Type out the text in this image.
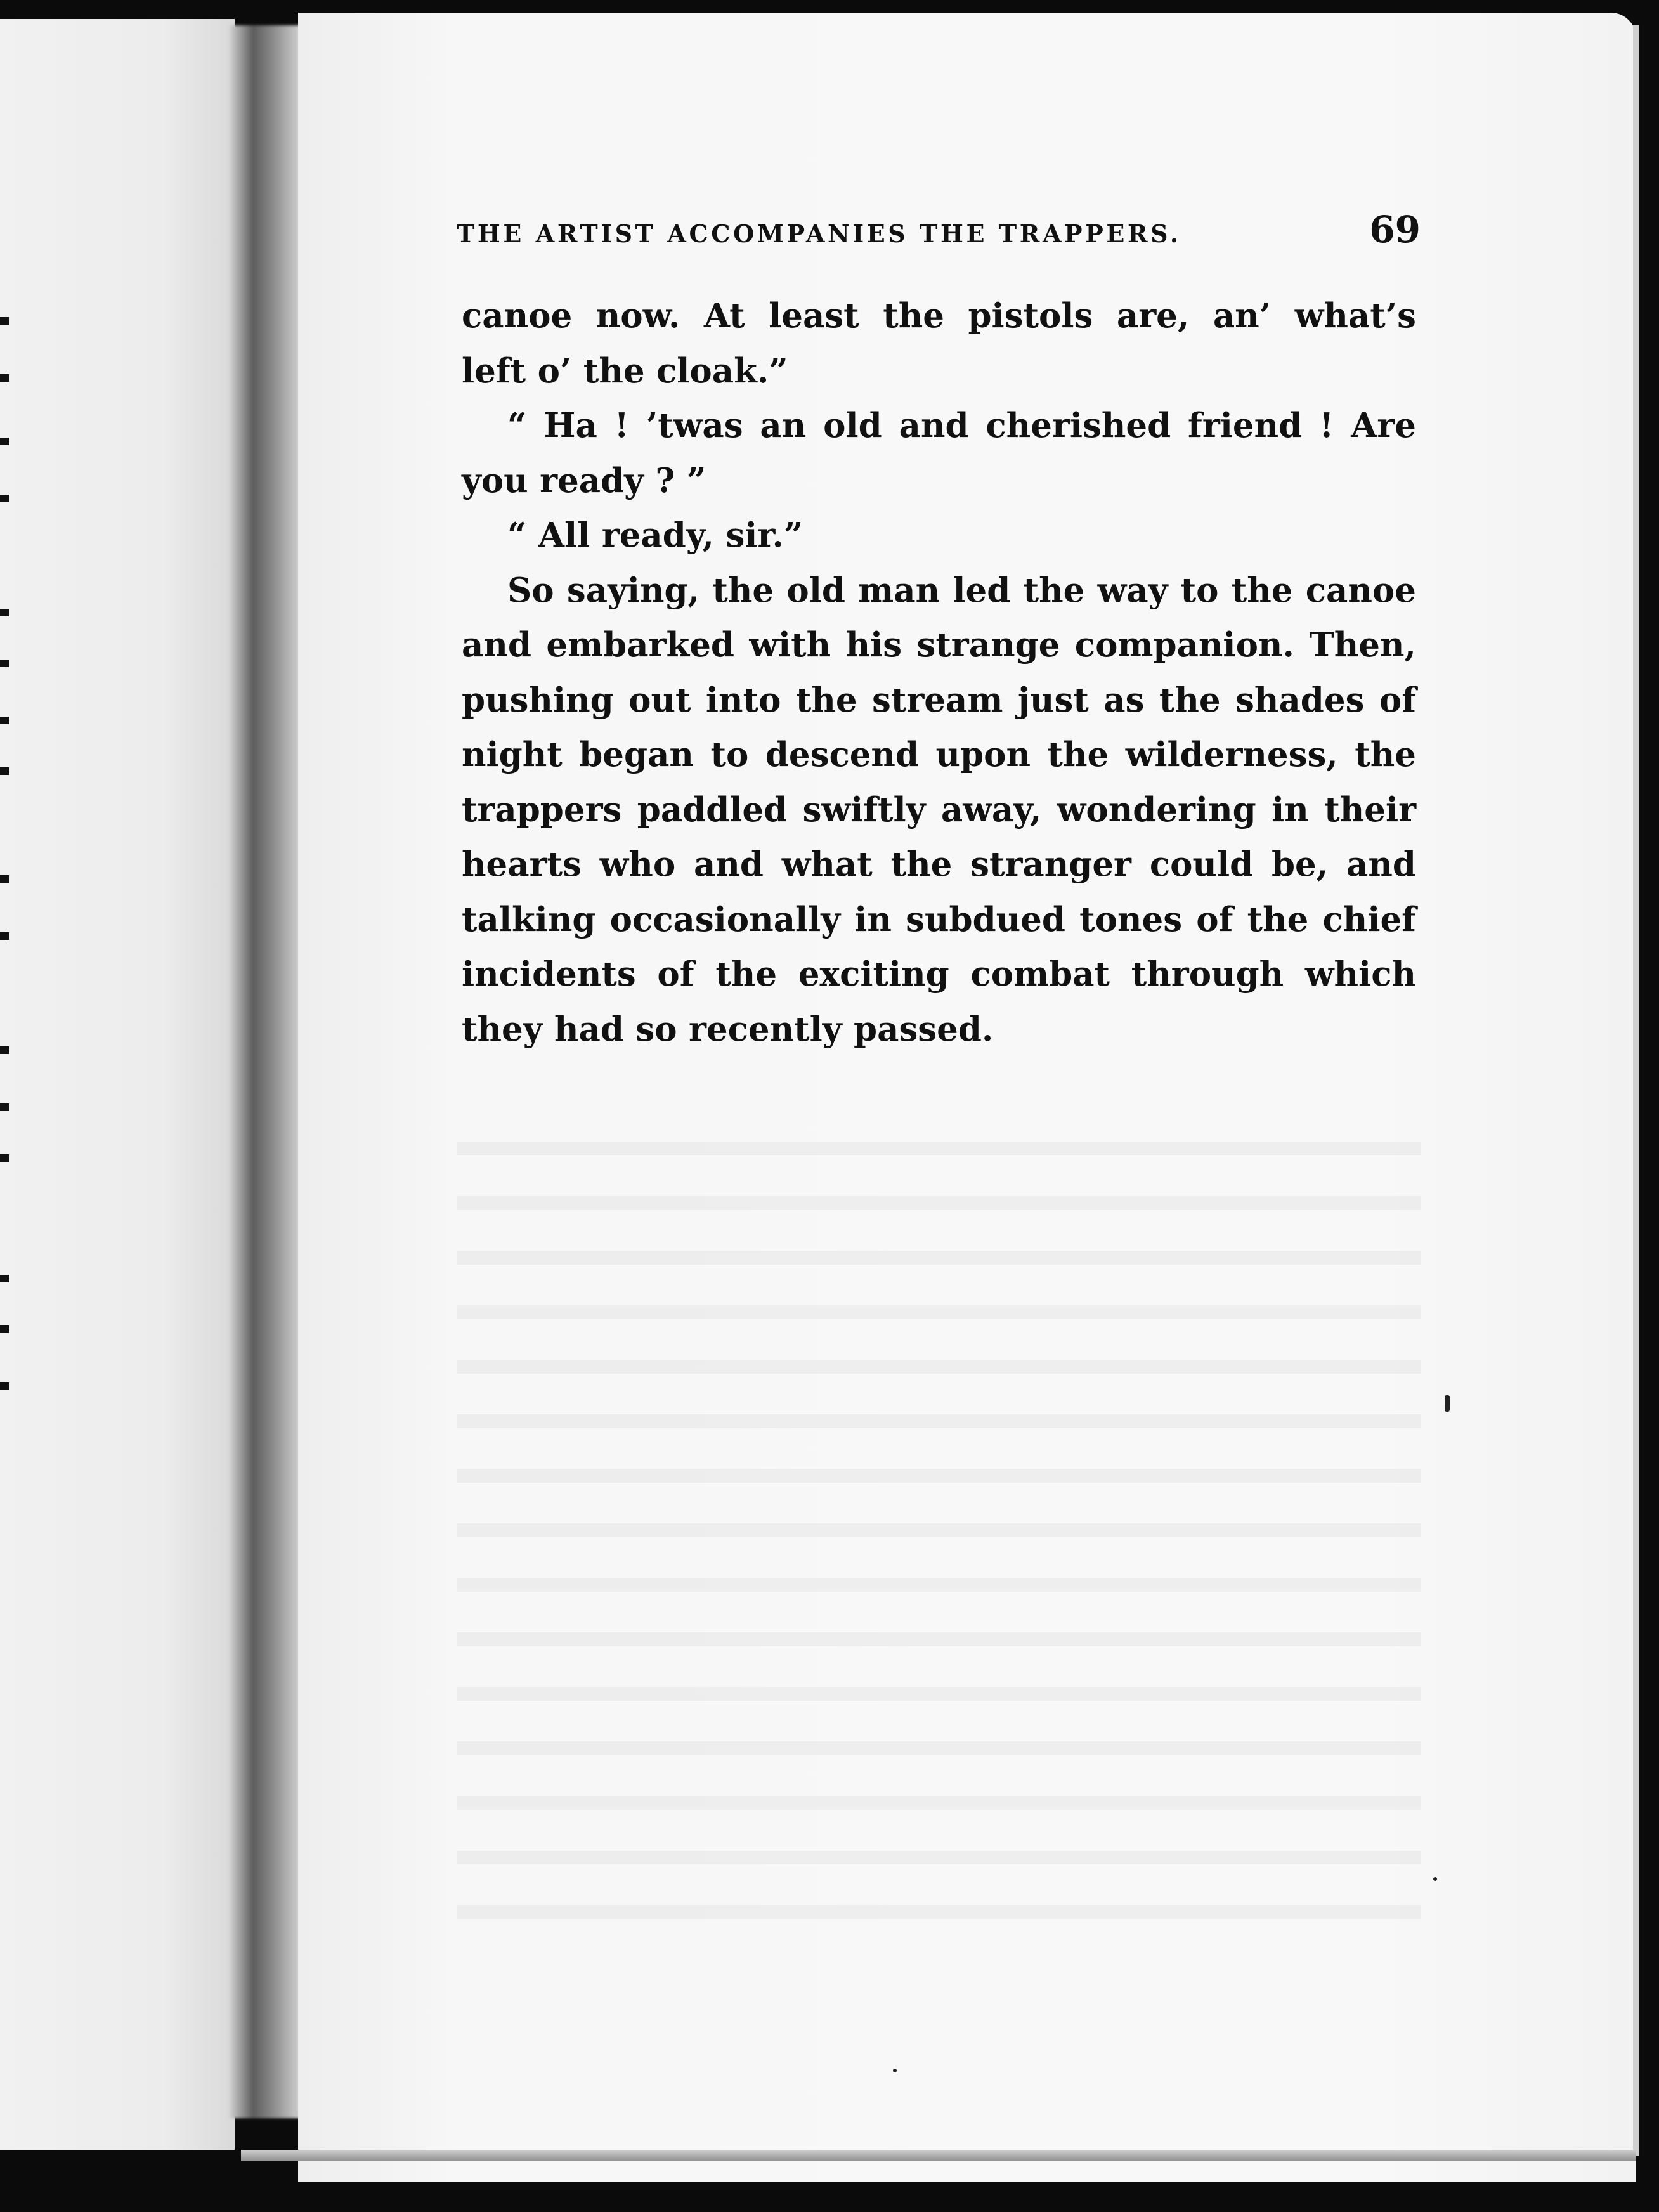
THE ARTIST ACCOMPANIES THE TRAPPERS.	69
canoe now. At least the pistols are, an’ what’s
left o’ the cloak.”
“ Ha ! ’twas an old and cherished friend ! Are
you ready ? ”
“ All ready, sir.”
So saying, the old man led the way to the canoe
and embarked with his strange companion. Then,
pushing out into the stream just as the shades of
night began to descend upon the wilderness, the
trappers paddled swiftly away, wondering in their
hearts who and what the stranger could be, and
talking occasionally in subdued tones of the chief
incidents of the exciting combat through which
they had so recently passed.
